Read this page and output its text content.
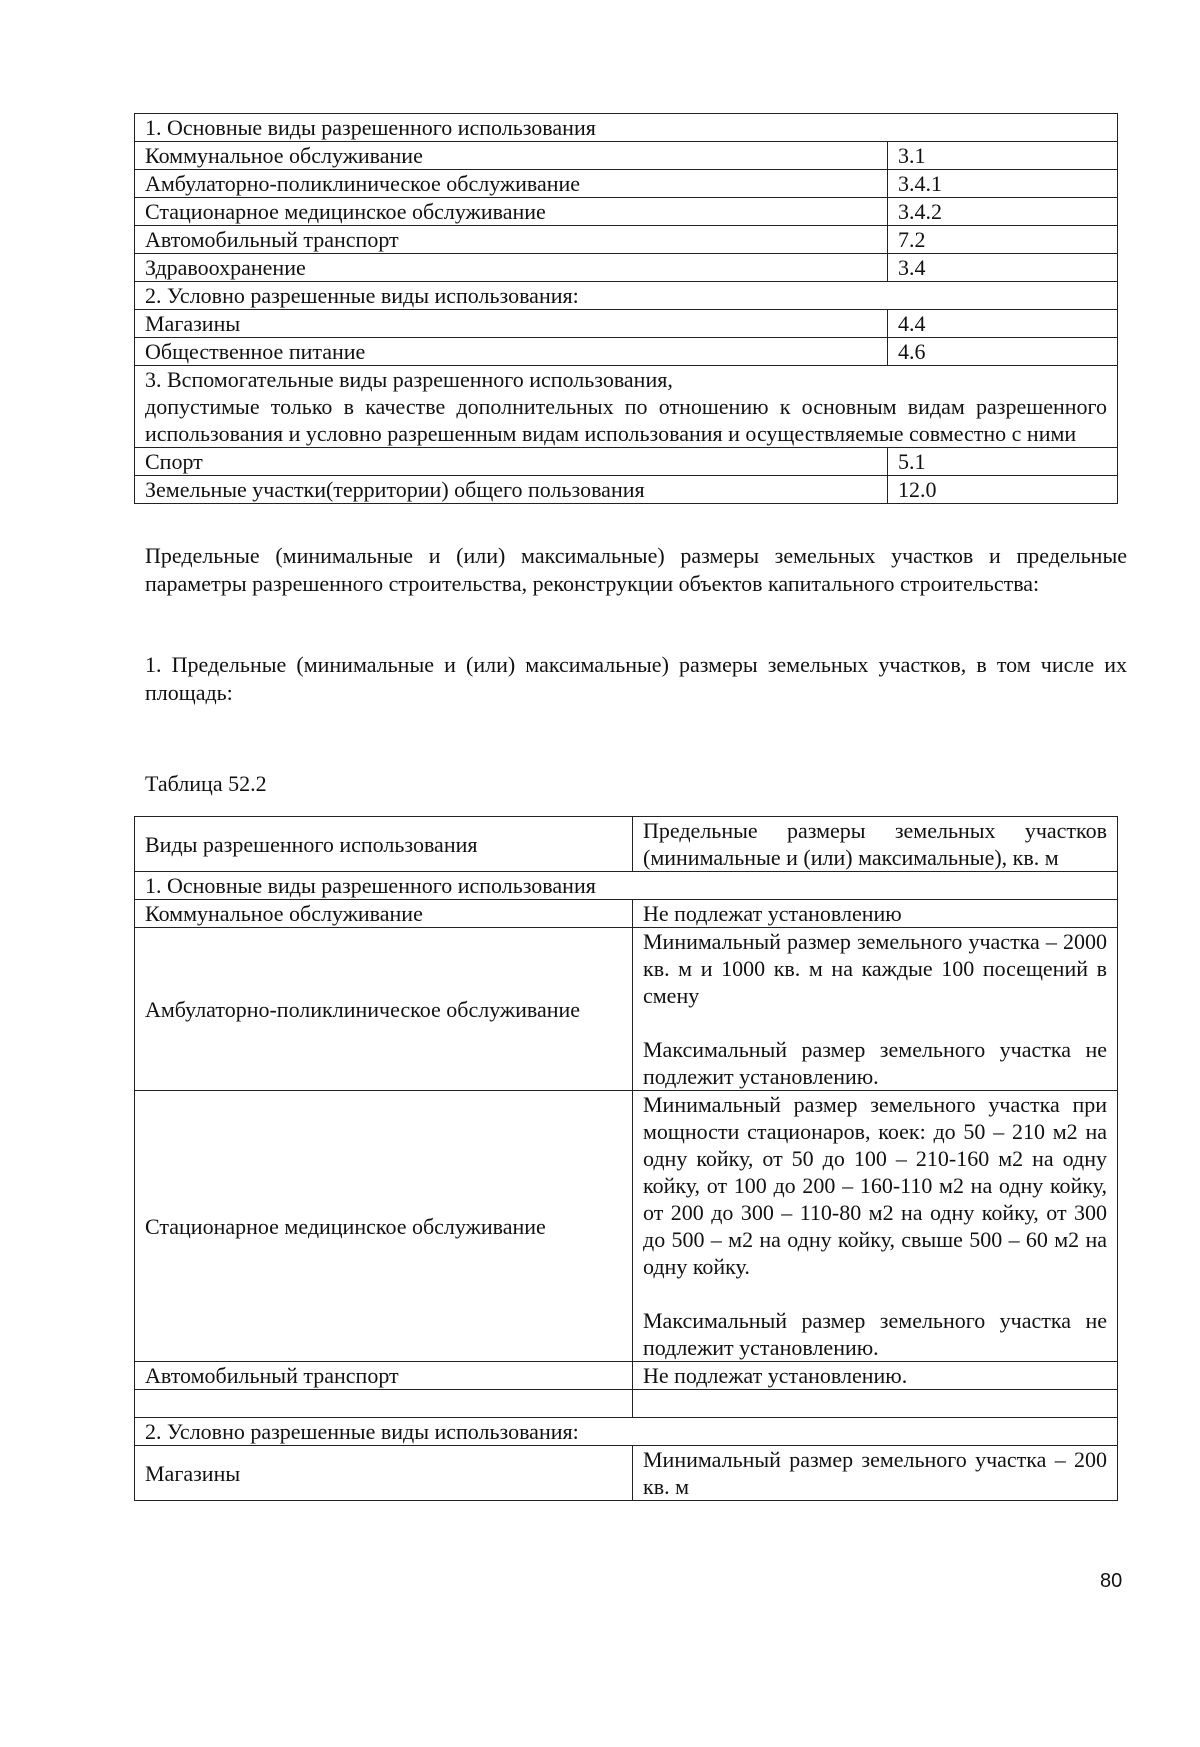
1. Основные виды разрешенного использования	
Коммунальное обслуживание	3.1
Амбулаторно-поликлиническое обслуживание	3.4.1
Стационарное медицинское обслуживание	3.4.2
Автомобильный транспорт	7.2
Здравоохранение	3.4
2. Условно разрешенные виды использования:	
Магазины	4.4
Общественное питание	4.6

3. Вспомогательные виды разрешенного использования,
допустимые только в качестве дополнительных по отношению к основным видам разрешенного использования и условно разрешенным видам использования и осуществляемые совместно с ними	

Спорт	5.1
Земельные участки(территории) общего пользования	12.0

Предельные (минимальные и (или) максимальные) размеры земельных участков и предельные параметры разрешенного строительства, реконструкции объектов капитального строительства:

1. Предельные (минимальные и (или) максимальные) размеры земельных участков, в том числе их площадь:

Таблица 52.2

Виды разрешенного использования	Предельные размеры земельных участков (минимальные и (или) максимальные), кв. м
1. Основные виды разрешенного использования	
Коммунальное обслуживание	Не подлежат установлению
Амбулаторно-поликлиническое обслуживание	Минимальный размер земельного участка – 2000 кв. м и 1000 кв. м на каждые 100 посещений в смену
Максимальный размер земельного участка не подлежит установлению.

Стационарное медицинское обслуживание	Минимальный размер земельного участка при мощности стационаров, коек: до 50 – 210 м2 на одну койку, от 50 до 100 – 210-160 м2 на одну койку, от 100 до 200 – 160-110 м2 на одну койку, от 200 до 300 – 110-80 м2 на одну койку, от 300 до 500 – м2 на одну койку, свыше 500 – 60 м2 на одну койку.
Максимальный размер земельного участка не подлежит установлению.

Автомобильный транспорт	Не подлежат установлению.

2. Условно разрешенные виды использования:	
Магазины	Минимальный размер земельного участка – 200 кв. м

80
